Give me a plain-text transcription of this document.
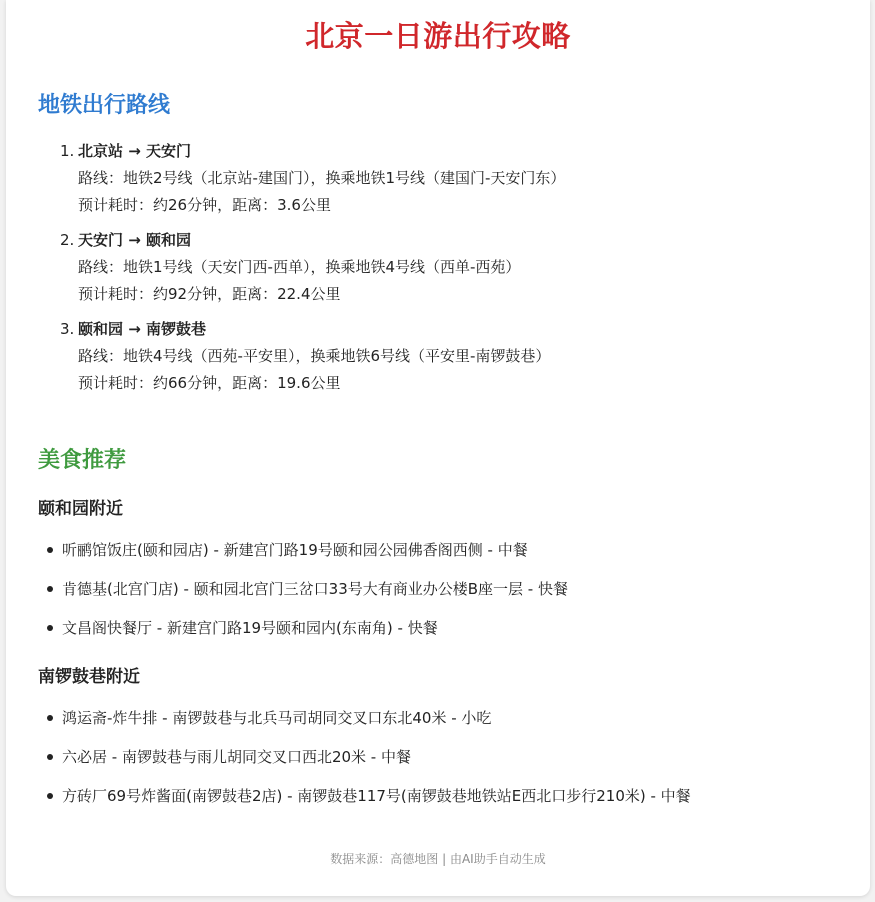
北京一日游出行攻略
地铁出行路线
1. 北京站 → 天安门
路线：地铁2号线（北京站-建国门），换乘地铁1号线（建国门-天安门东）
预计耗时：约26分钟，距离：3.6公里
2. 天安门 → 颐和园
路线：地铁1号线（天安门西-西单），换乘地铁4号线（西单-西苑）
预计耗时：约92分钟，距离：22.4公里
3. 颐和园 → 南锣鼓巷
路线：地铁4号线（西苑-平安里），换乘地铁6号线（平安里-南锣鼓巷）
预计耗时：约66分钟，距离：19.6公里
美食推荐
颐和园附近
听鹂馆饭庄(颐和园店) - 新建宫门路19号颐和园公园佛香阁西侧 - 中餐
肯德基(北宫门店) - 颐和园北宫门三岔口33号大有商业办公楼B座一层 - 快餐
文昌阁快餐厅 - 新建宫门路19号颐和园内(东南角) - 快餐
南锣鼓巷附近
鸿运斋-炸牛排 - 南锣鼓巷与北兵马司胡同交叉口东北40米 - 小吃
六必居 - 南锣鼓巷与雨儿胡同交叉口西北20米 - 中餐
方砖厂69号炸酱面(南锣鼓巷2店) - 南锣鼓巷117号(南锣鼓巷地铁站E西北口步行210米) - 中餐
数据来源：高德地图 | 由AI助手自动生成
